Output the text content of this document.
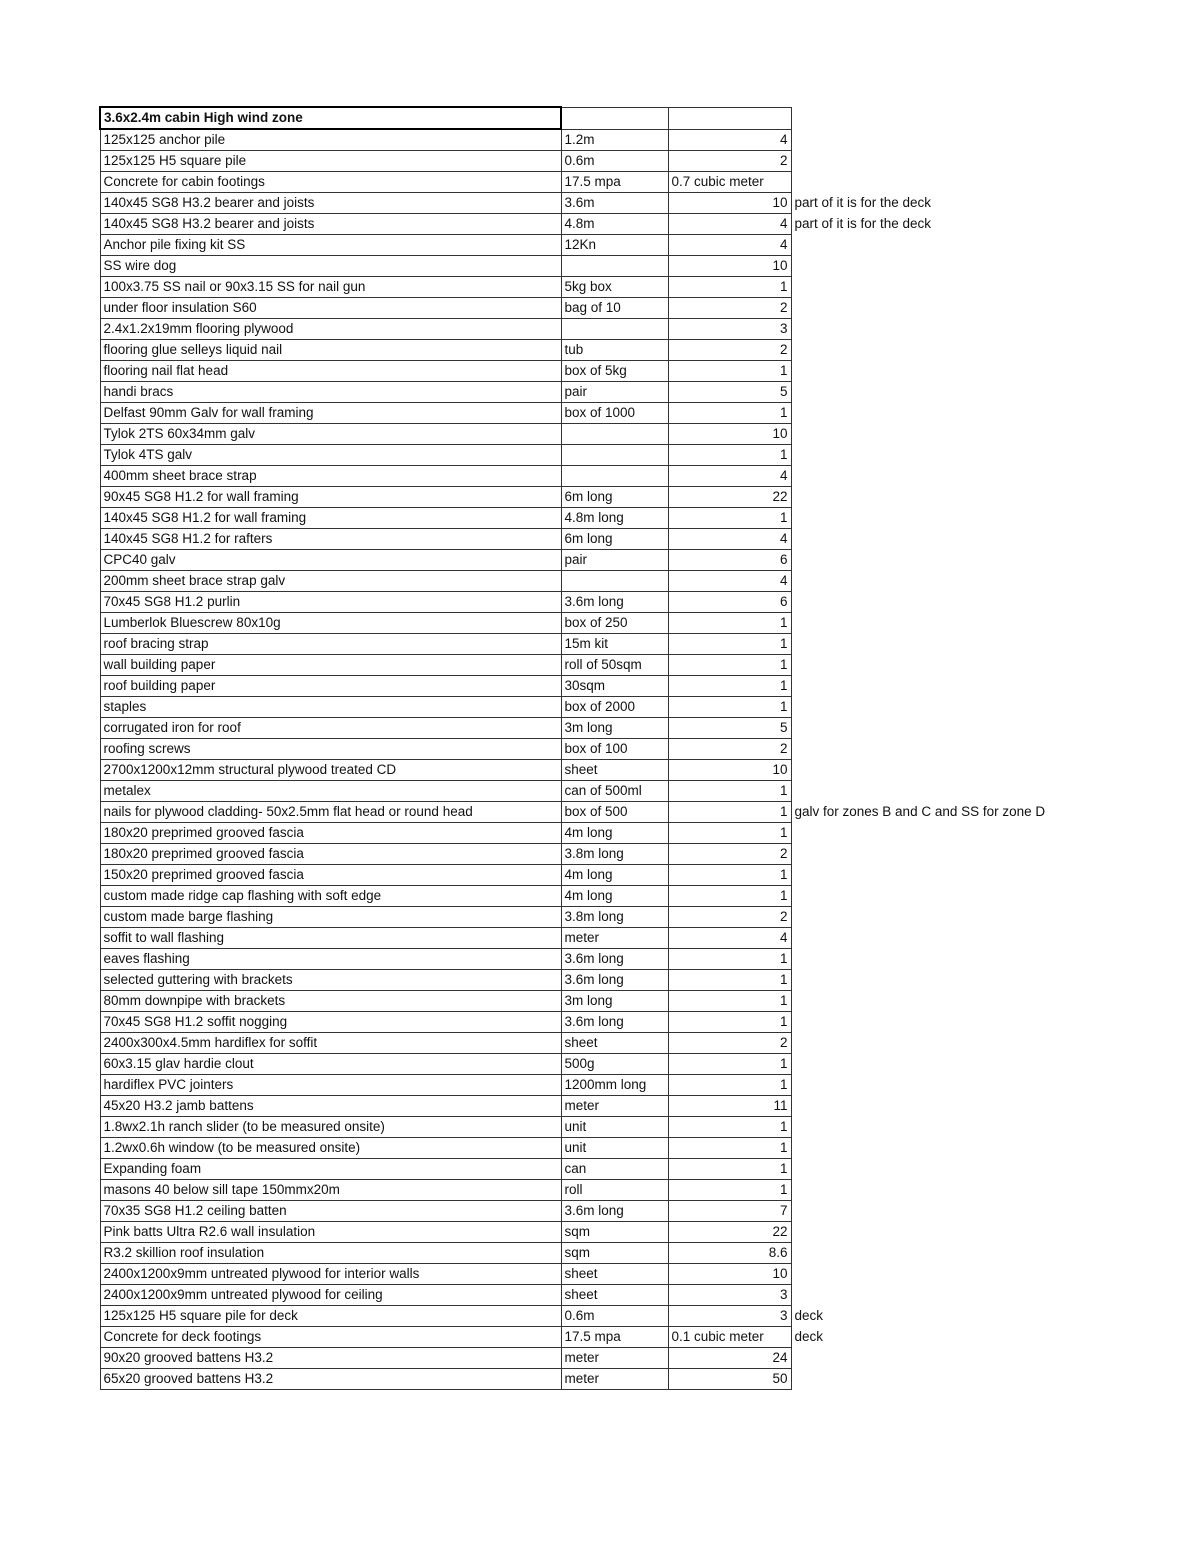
3.6x2.4m cabin High wind zone			
125x125 anchor pile	1.2m	4	
125x125 H5 square pile	0.6m	2	
Concrete for cabin footings	17.5 mpa	0.7 cubic meter	
140x45 SG8 H3.2 bearer and joists	3.6m	10	part of it is for the deck
140x45 SG8 H3.2 bearer and joists	4.8m	4	part of it is for the deck
Anchor pile fixing kit SS	12Kn	4	
SS wire dog		10	
100x3.75 SS nail or 90x3.15 SS for nail gun	5kg box	1	
under floor insulation S60	bag of 10	2	
2.4x1.2x19mm flooring plywood		3	
flooring glue selleys liquid nail	tub	2	
flooring nail flat head	box of 5kg	1	
handi bracs	pair	5	
Delfast 90mm Galv for wall framing	box of 1000	1	
Tylok 2TS 60x34mm galv		10	
Tylok 4TS galv		1	
400mm sheet brace strap		4	
90x45 SG8 H1.2 for wall framing	6m long	22	
140x45 SG8 H1.2 for wall framing	4.8m long	1	
140x45 SG8 H1.2 for rafters	6m long	4	
CPC40 galv	pair	6	
200mm sheet brace strap galv		4	
70x45 SG8 H1.2 purlin	3.6m long	6	
Lumberlok Bluescrew 80x10g	box of 250	1	
roof bracing strap	15m kit	1	
wall building paper	roll of 50sqm	1	
roof building paper	30sqm	1	
staples	box of 2000	1	
corrugated iron for roof	3m long	5	
roofing screws	box of 100	2	
2700x1200x12mm structural plywood treated CD	sheet	10	
metalex	can of 500ml	1	
nails for plywood cladding- 50x2.5mm flat head or round head	box of 500	1	galv for zones B and C and SS for zone D
180x20 preprimed grooved fascia	4m long	1	
180x20 preprimed grooved fascia	3.8m long	2	
150x20 preprimed grooved fascia	4m long	1	
custom made ridge cap flashing with soft edge	4m long	1	
custom made barge flashing	3.8m long	2	
soffit to wall flashing	meter	4	
eaves flashing	3.6m long	1	
selected guttering with brackets	3.6m long	1	
80mm downpipe with brackets	3m long	1	
70x45 SG8 H1.2 soffit nogging	3.6m long	1	
2400x300x4.5mm hardiflex for soffit	sheet	2	
60x3.15 glav hardie clout	500g	1	
hardiflex PVC jointers	1200mm long	1	
45x20 H3.2 jamb battens	meter	11	
1.8wx2.1h ranch slider (to be measured onsite)	unit	1	
1.2wx0.6h window (to be measured onsite)	unit	1	
Expanding foam	can	1	
masons 40 below sill tape 150mmx20m	roll	1	
70x35 SG8 H1.2 ceiling batten	3.6m long	7	
Pink batts Ultra R2.6 wall insulation	sqm	22	
R3.2 skillion roof insulation	sqm	8.6	
2400x1200x9mm untreated plywood for interior walls	sheet	10	
2400x1200x9mm untreated plywood for ceiling	sheet	3	
125x125 H5 square pile for deck	0.6m	3	deck
Concrete for deck footings	17.5 mpa	0.1 cubic meter	deck
90x20 grooved battens H3.2	meter	24	
65x20 grooved battens H3.2	meter	50	
